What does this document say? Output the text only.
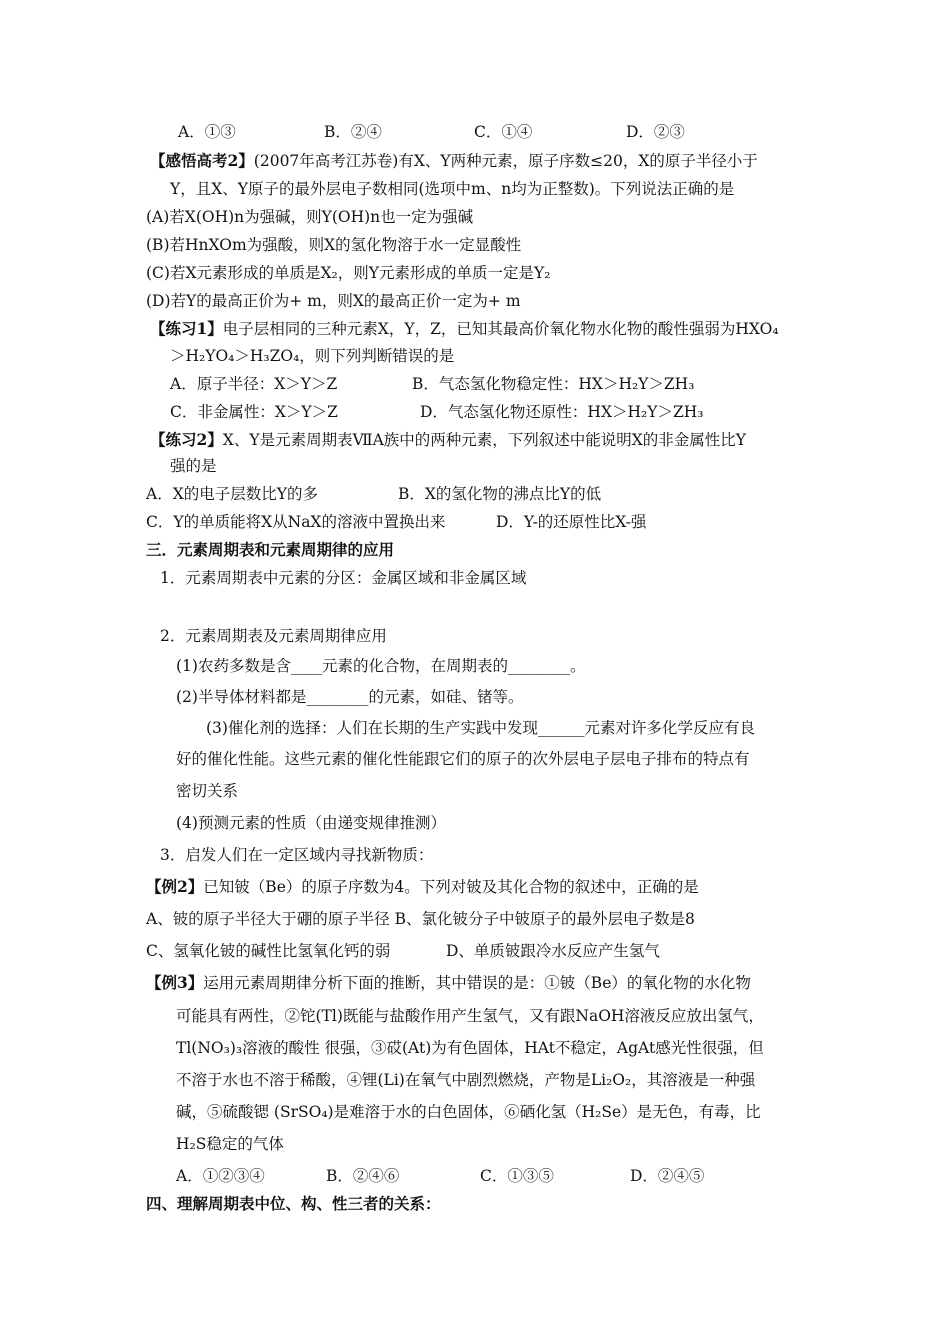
A．①③	B．②④	C．①④	D．②③
【感悟高考2】(2007年高考江苏卷)有X、Y两种元素，原子序数≤20，X的原子半径小于
Y，且X、Y原子的最外层电子数相同(选项中m、n均为正整数)。下列说法正确的是
(A)若X(OH)n为强碱，则Y(OH)n也一定为强碱
(B)若HnXOm为强酸，则X的氢化物溶于水一定显酸性
(C)若X元素形成的单质是X₂，则Y元素形成的单质一定是Y₂
(D)若Y的最高正价为+ m，则X的最高正价一定为+ m
【练习1】电子层相同的三种元素X，Y，Z，已知其最高价氧化物水化物的酸性强弱为HXO₄
＞H₂YO₄＞H₃ZO₄，则下列判断错误的是
A．原子半径：X＞Y＞Z	B．气态氢化物稳定性：HX＞H₂Y＞ZH₃
C．非金属性：X＞Y＞Z	D．气态氢化物还原性：HX＞H₂Y＞ZH₃
【练习2】X、Y是元素周期表ⅦA族中的两种元素，下列叙述中能说明X的非金属性比Y
强的是
A．X的电子层数比Y的多	B．X的氢化物的沸点比Y的低
C．Y的单质能将X从NaX的溶液中置换出来	D．Y-的还原性比X-强
三．元素周期表和元素周期律的应用
1．元素周期表中元素的分区：金属区域和非金属区域
2．元素周期表及元素周期律应用
(1)农药多数是含____元素的化合物，在周期表的________。
(2)半导体材料都是________的元素，如硅、锗等。
(3)催化剂的选择：人们在长期的生产实践中发现______元素对许多化学反应有良
好的催化性能。这些元素的催化性能跟它们的原子的次外层电子层电子排布的特点有
密切关系
(4)预测元素的性质（由递变规律推测）
3．启发人们在一定区域内寻找新物质：
【例2】已知铍（Be）的原子序数为4。下列对铍及其化合物的叙述中，正确的是
A、铍的原子半径大于硼的原子半径 B、氯化铍分子中铍原子的最外层电子数是8
C、氢氧化铍的碱性比氢氧化钙的弱	D、单质铍跟冷水反应产生氢气
【例3】运用元素周期律分析下面的推断，其中错误的是：①铍（Be）的氧化物的水化物
可能具有两性，②铊(Tl)既能与盐酸作用产生氢气，又有跟NaOH溶液反应放出氢气，
Tl(NO₃)₃溶液的酸性 很强，③砹(At)为有色固体，HAt不稳定，AgAt感光性很强，但
不溶于水也不溶于稀酸，④锂(Li)在氧气中剧烈燃烧，产物是Li₂O₂，其溶液是一种强
碱，⑤硫酸锶 (SrSO₄)是难溶于水的白色固体，⑥硒化氢（H₂Se）是无色，有毒，比
H₂S稳定的气体
A．①②③④	B．②④⑥	C．①③⑤	D．②④⑤
四、理解周期表中位、构、性三者的关系：
